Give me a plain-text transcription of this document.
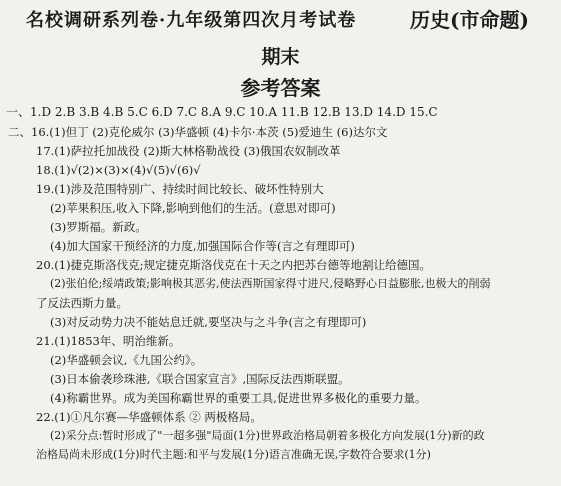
名校调研系列卷·九年级第四次月考试卷	历史(市命题)
期末
参考答案
一、1.D 2.B 3.B 4.B 5.C 6.D 7.C 8.A 9.C 10.A 11.B 12.B 13.D 14.D 15.C
二、16.(1)但丁 (2)克伦威尔 (3)华盛顿 (4)卡尔·本茨 (5)爱迪生 (6)达尔文
17.(1)萨拉托加战役 (2)斯大林格勒战役 (3)俄国农奴制改革
18.(1)√(2)×(3)×(4)√(5)√(6)√
19.(1)涉及范围特别广、持续时间比较长、破坏性特别大
(2)苹果积压,收入下降,影响到他们的生活。(意思对即可)
(3)罗斯福。新政。
(4)加大国家干预经济的力度,加强国际合作等(言之有理即可)
20.(1)捷克斯洛伐克;规定捷克斯洛伐克在十天之内把苏台德等地割让给德国。
(2)张伯伦;绥靖政策;影响极其恶劣,使法西斯国家得寸进尺,侵略野心日益膨胀,也极大的削弱
了反法西斯力量。
(3)对反动势力决不能姑息迁就,要坚决与之斗争(言之有理即可)
21.(1)1853年、明治维新。
(2)华盛顿会议,《九国公约》。
(3)日本偷袭珍珠港,《联合国家宣言》,国际反法西斯联盟。
(4)称霸世界。成为美国称霸世界的重要工具,促进世界多极化的重要力量。
22.(1)①凡尔赛—华盛顿体系 ② 两极格局。
(2)采分点:暂时形成了"一超多强"局面(1分)世界政治格局朝着多极化方向发展(1分)新的政
治格局尚未形成(1分)时代主题:和平与发展(1分)语言准确无误,字数符合要求(1分)
